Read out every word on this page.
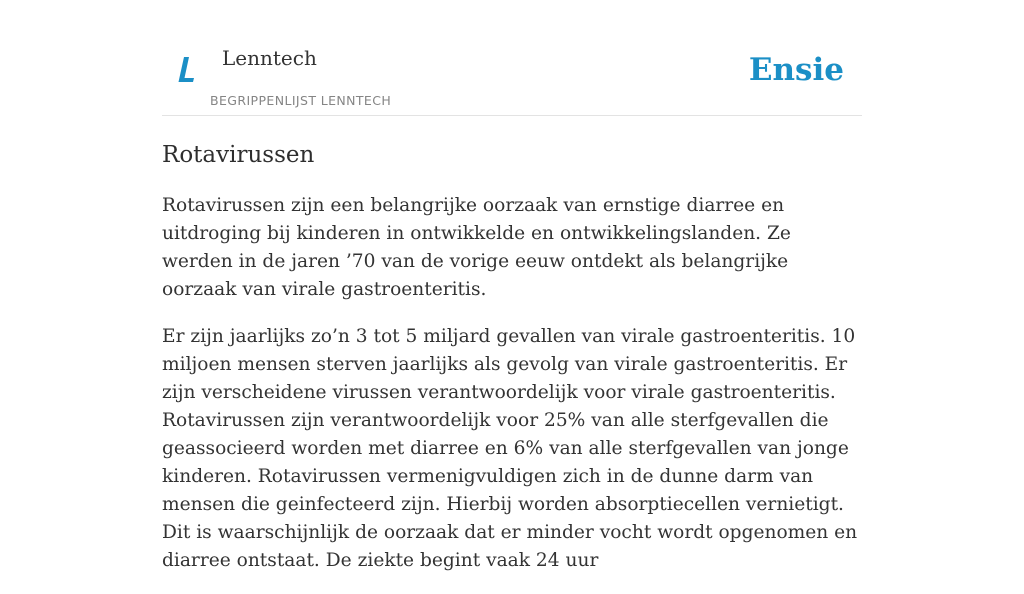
Lenntech
BEGRIPPENLIJST LENNTECH
Ensie
Rotavirussen

Rotavirussen zijn een belangrijke oorzaak van ernstige diarree en uitdroging bij kinderen in ontwikkelde en ontwikkelingslanden. Ze werden in de jaren ’70 van de vorige eeuw ontdekt als belangrijke oorzaak van virale gastroenteritis.

Er zijn jaarlijks zo’n 3 tot 5 miljard gevallen van virale gastroenteritis. 10 miljoen mensen sterven jaarlijks als gevolg van virale gastroenteritis. Er zijn verscheidene virussen verantwoordelijk voor virale gastroenteritis. Rotavirussen zijn verantwoordelijk voor 25% van alle sterfgevallen die geassocieerd worden met diarree en 6% van alle sterfgevallen van jonge kinderen. Rotavirussen vermenigvuldigen zich in de dunne darm van mensen die geinfecteerd zijn. Hierbij worden absorptiecellen vernietigt. Dit is waarschijnlijk de oorzaak dat er minder vocht wordt opgenomen en diarree ontstaat. De ziekte begint vaak 24 uur
